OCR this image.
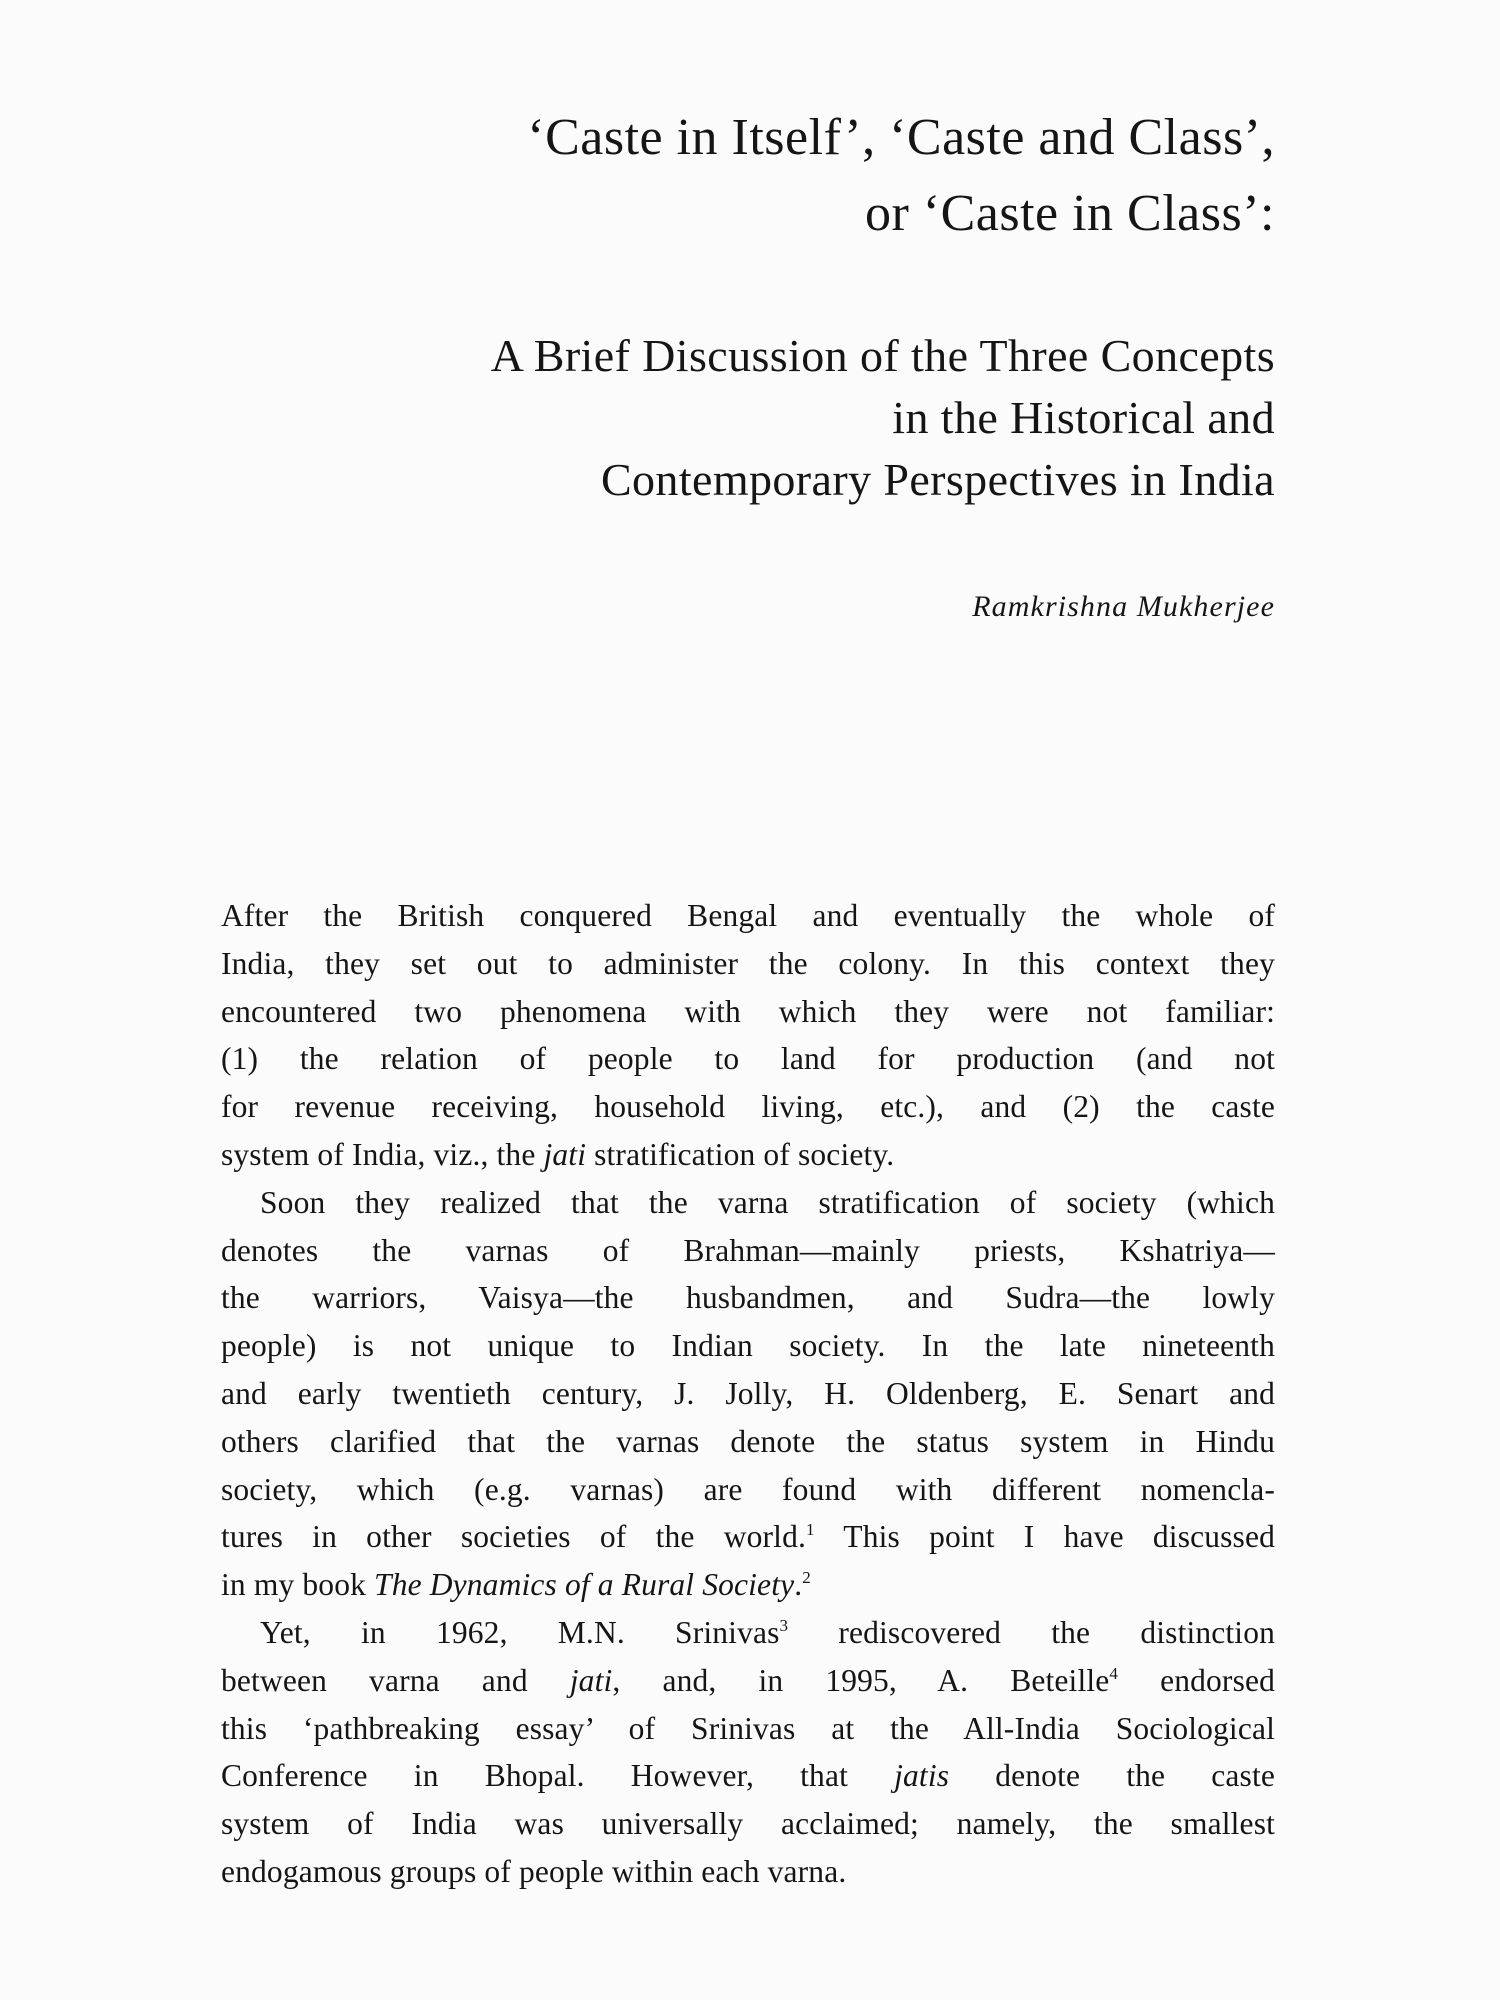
‘Caste in Itself’, ‘Caste and Class’,
or ‘Caste in Class’:
A Brief Discussion of the Three Concepts
in the Historical and
Contemporary Perspectives in India
Ramkrishna Mukherjee
After the British conquered Bengal and eventually the whole of
India, they set out to administer the colony. In this context they
encountered two phenomena with which they were not familiar:
(1) the relation of people to land for production (and not
for revenue receiving, household living, etc.), and (2) the caste
system of India, viz., the jati stratification of society.
Soon they realized that the varna stratification of society (which
denotes the varnas of Brahman—mainly priests, Kshatriya—
the warriors, Vaisya—the husbandmen, and Sudra—the lowly
people) is not unique to Indian society. In the late nineteenth
and early twentieth century, J. Jolly, H. Oldenberg, E. Senart and
others clarified that the varnas denote the status system in Hindu
society, which (e.g. varnas) are found with different nomencla-
tures in other societies of the world.$^1$ This point I have discussed
in my book The Dynamics of a Rural Society.$^2$
Yet, in 1962, M.N. Srinivas$^3$ rediscovered the distinction
between varna and jati, and, in 1995, A. Beteille$^4$ endorsed
this ‘pathbreaking essay’ of Srinivas at the All-India Sociological
Conference in Bhopal. However, that jatis denote the caste
system of India was universally acclaimed; namely, the smallest
endogamous groups of people within each varna.
